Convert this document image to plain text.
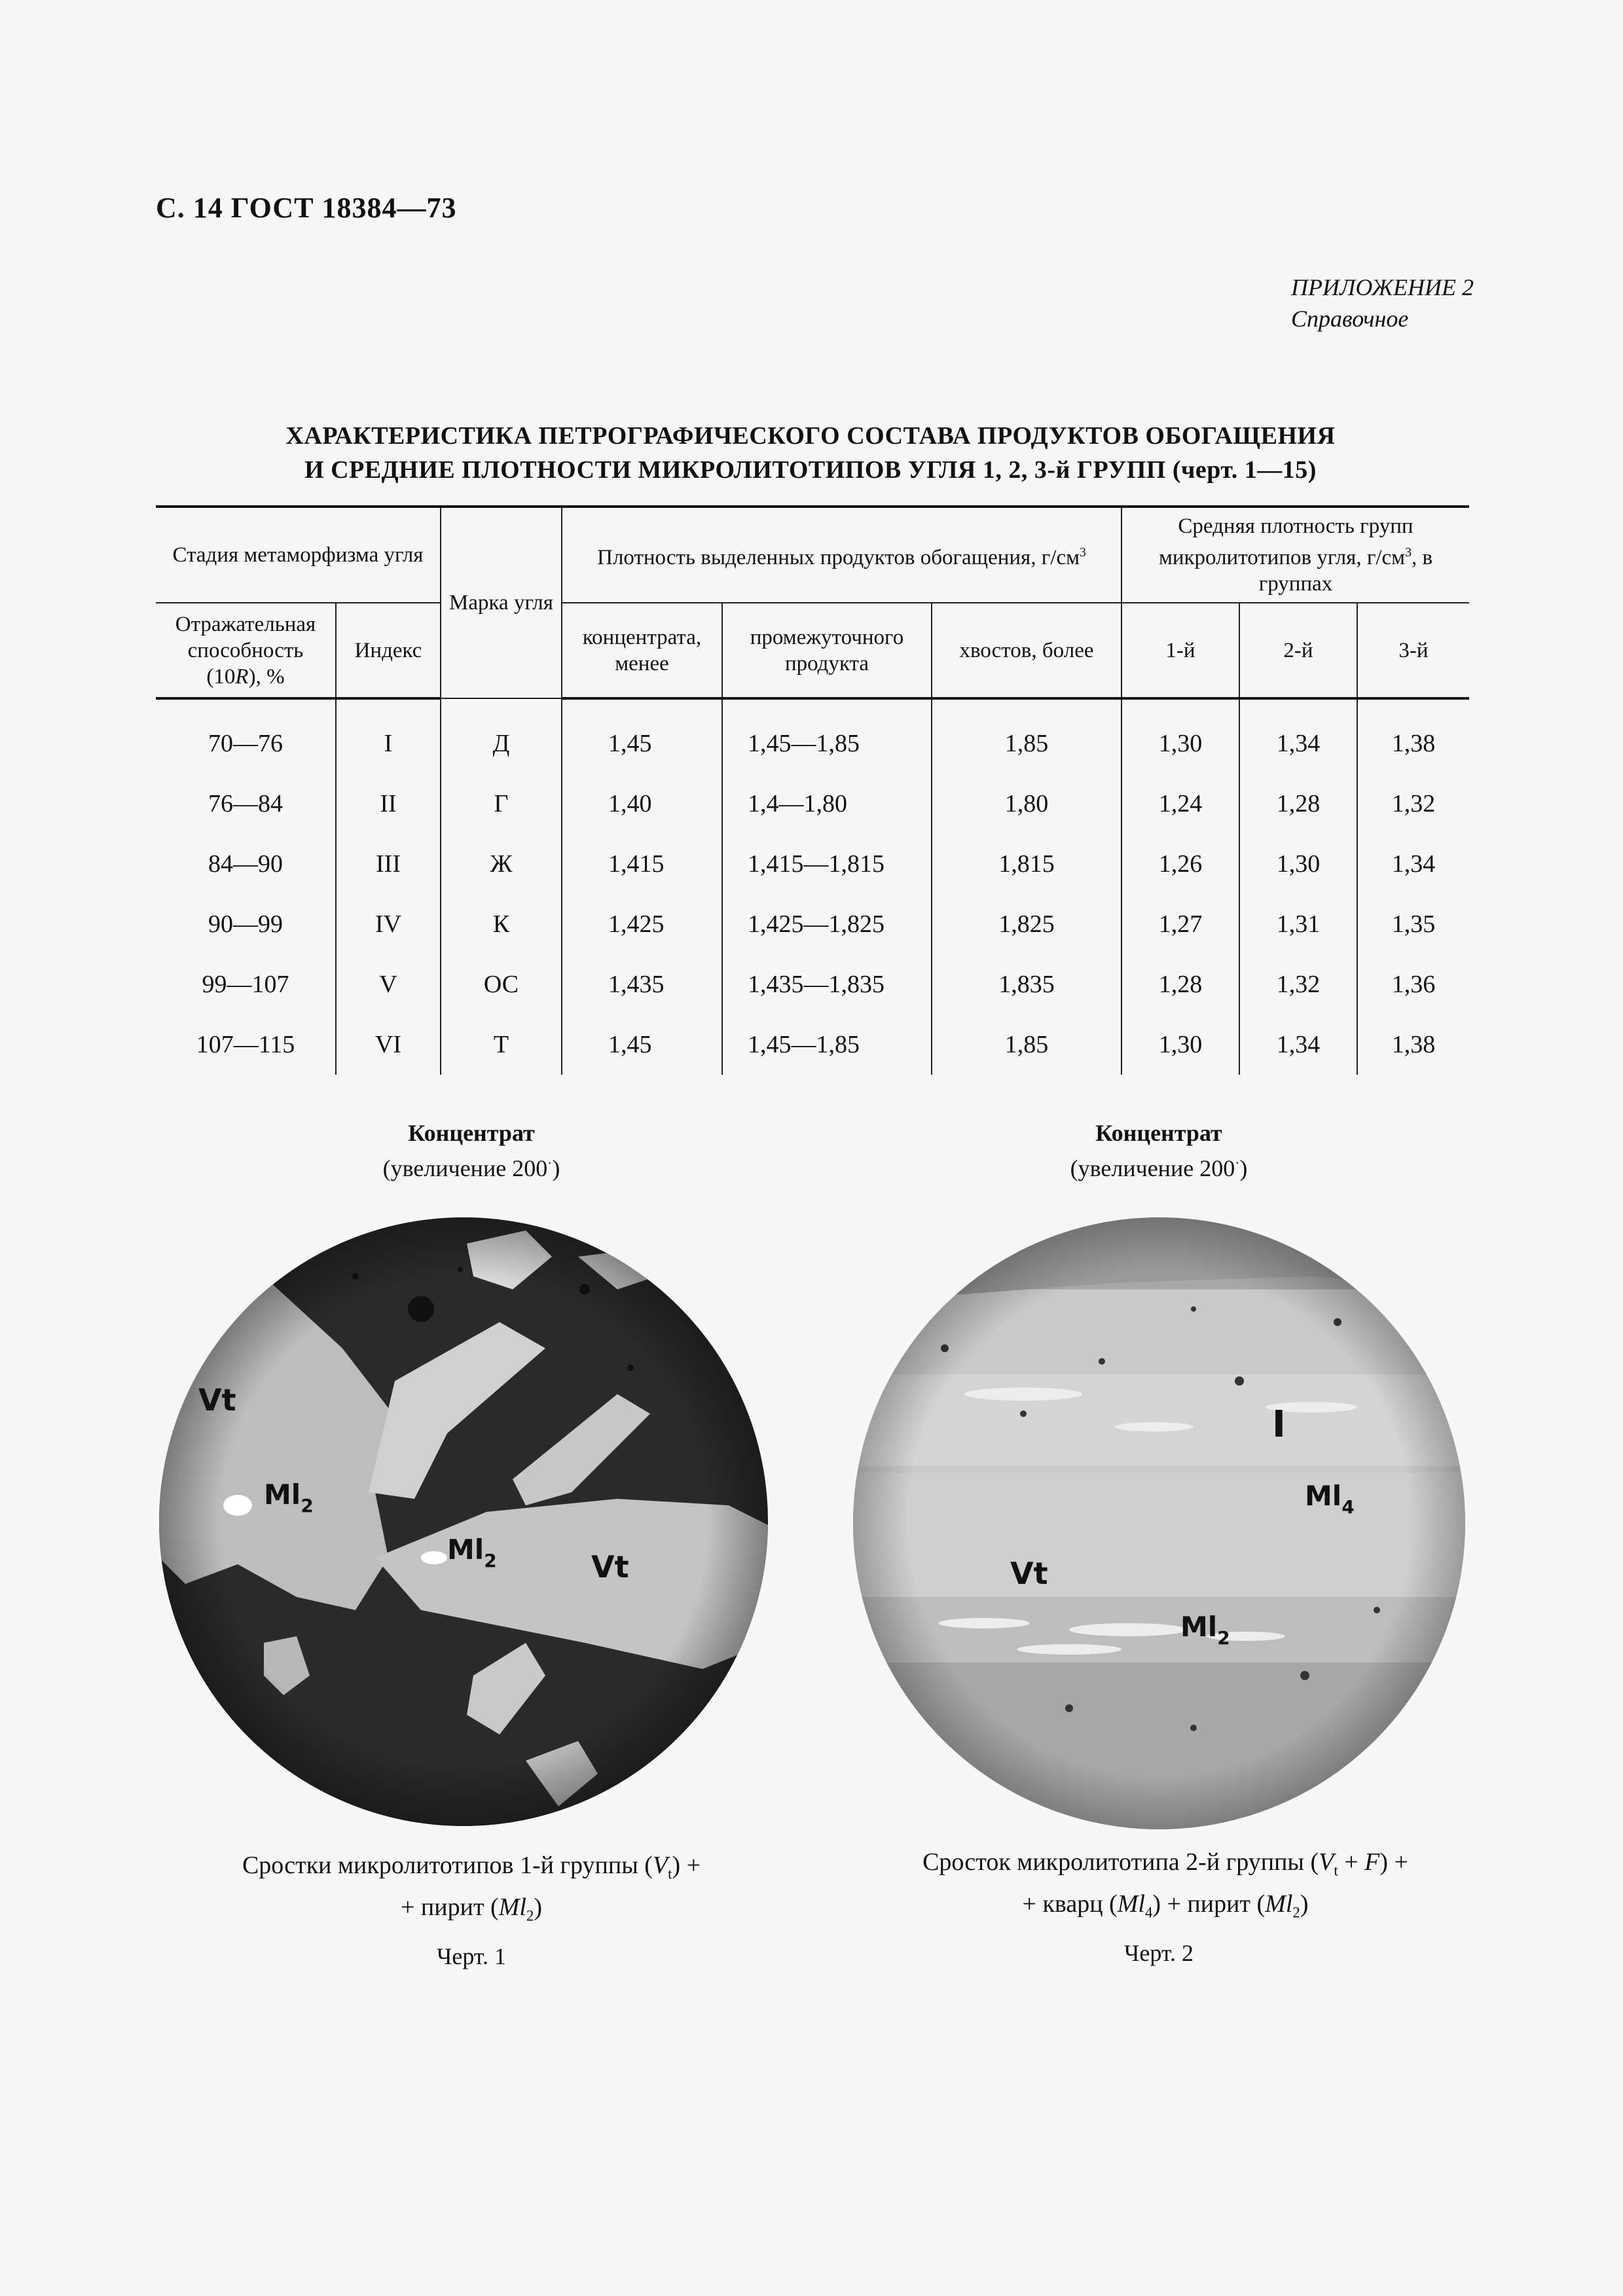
С. 14 ГОСТ 18384—73
ПРИЛОЖЕНИЕ 2
Справочное
ХАРАКТЕРИСТИКА ПЕТРОГРАФИЧЕСКОГО СОСТАВА ПРОДУКТОВ ОБОГАЩЕНИЯ
И СРЕДНИЕ ПЛОТНОСТИ МИКРОЛИТОТИПОВ УГЛЯ 1, 2, 3-й ГРУПП (черт. 1—15)
Стадия метаморфизма угля		Марка угля	Плотность выделенных продуктов обогащения, $г/см^3$			Средняя плотность групп микролитотипов угля, $г/см^3$, в группах		
Отражательная способность
(10R), %	Индекс		концентрата, менее	промежуточного продукта	хвостов, более	1-й	2-й	3-й
70—76	I	Д	1,45	1,45—1,85	1,85	1,30	1,34	1,38
76—84	II	Г	1,40	1,4—1,80	1,80	1,24	1,28	1,32
84—90	III	Ж	1,415	1,415—1,815	1,815	1,26	1,30	1,34
90—99	IV	К	1,425	1,425—1,825	1,825	1,27	1,31	1,35
99—107	V	ОС	1,435	1,435—1,835	1,835	1,28	1,32	1,36
107—115	VI	Т	1,45	1,45—1,85	1,85	1,30	1,34	1,38
Концентрат
(увеличение 200·)
Vt
$Ml_2$
$Ml_2$	Vt
Сростки микролитотипов 1-й группы $(V_t)$ +
+ пирит $(Ml_2)$
Черт. 1
Концентрат
(увеличение 200·)
I
$Ml_4$
Vt
$Ml_2$
Сросток микролитотипа 2-й группы $(V_t + F)$ +
+ кварц $(Ml_4)$ + пирит $(Ml_2)$
Черт. 2
